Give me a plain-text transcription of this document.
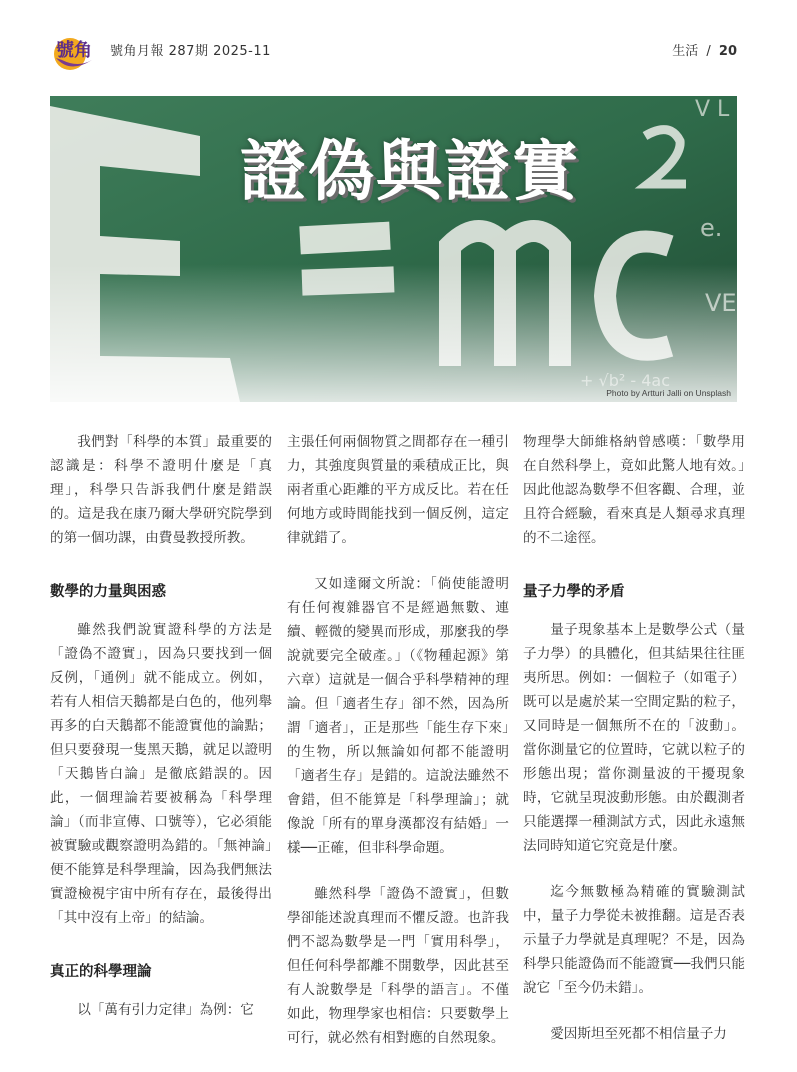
號角 號角月報 287期 2025-11	生活 / 20
證偽與證實
Photo by Artturi Jalli on Unsplash

我們對「科學的本質」最重要的認識是：科學不證明什麼是「真理」，科學只告訴我們什麼是錯誤的。這是我在康乃爾大學研究院學到的第一個功課，由費曼教授所教。

數學的力量與困惑

雖然我們說實證科學的方法是「證偽不證實」，因為只要找到一個反例，「通例」就不能成立。例如，若有人相信天鵝都是白色的，他列舉再多的白天鵝都不能證實他的論點；但只要發現一隻黑天鵝，就足以證明「天鵝皆白論」是徹底錯誤的。因此，一個理論若要被稱為「科學理論」（而非宣傳、口號等），它必須能被實驗或觀察證明為錯的。「無神論」便不能算是科學理論，因為我們無法實證檢視宇宙中所有存在，最後得出「其中沒有上帝」的結論。

真正的科學理論

以「萬有引力定律」為例：它

主張任何兩個物質之間都存在一種引力，其強度與質量的乘積成正比，與兩者重心距離的平方成反比。若在任何地方或時間能找到一個反例，這定律就錯了。

又如達爾文所說：「倘使能證明有任何複雜器官不是經過無數、連續、輕微的變異而形成，那麼我的學說就要完全破產。」（《物種起源》第六章）這就是一個合乎科學精神的理論。但「適者生存」卻不然，因為所謂「適者」，正是那些「能生存下來」的生物，所以無論如何都不能證明「適者生存」是錯的。這說法雖然不會錯，但不能算是「科學理論」；就像說「所有的單身漢都沒有結婚」一樣──正確，但非科學命題。

雖然科學「證偽不證實」，但數學卻能述說真理而不懼反證。也許我們不認為數學是一門「實用科學」，但任何科學都離不開數學，因此甚至有人說數學是「科學的語言」。不僅如此，物理學家也相信：只要數學上可行，就必然有相對應的自然現象。

物理學大師維格納曾感嘆：「數學用在自然科學上，竟如此驚人地有效。」因此他認為數學不但客觀、合理，並且符合經驗，看來真是人類尋求真理的不二途徑。

量子力學的矛盾

量子現象基本上是數學公式（量子力學）的具體化，但其結果往往匪夷所思。例如：一個粒子（如電子）既可以是處於某一空間定點的粒子，又同時是一個無所不在的「波動」。當你測量它的位置時，它就以粒子的形態出現；當你測量波的干擾現象時，它就呈現波動形態。由於觀測者只能選擇一種測試方式，因此永遠無法同時知道它究竟是什麼。

迄今無數極為精確的實驗測試中，量子力學從未被推翻。這是否表示量子力學就是真理呢？不是，因為科學只能證偽而不能證實──我們只能說它「至今仍未錯」。

愛因斯坦至死都不相信量子力
